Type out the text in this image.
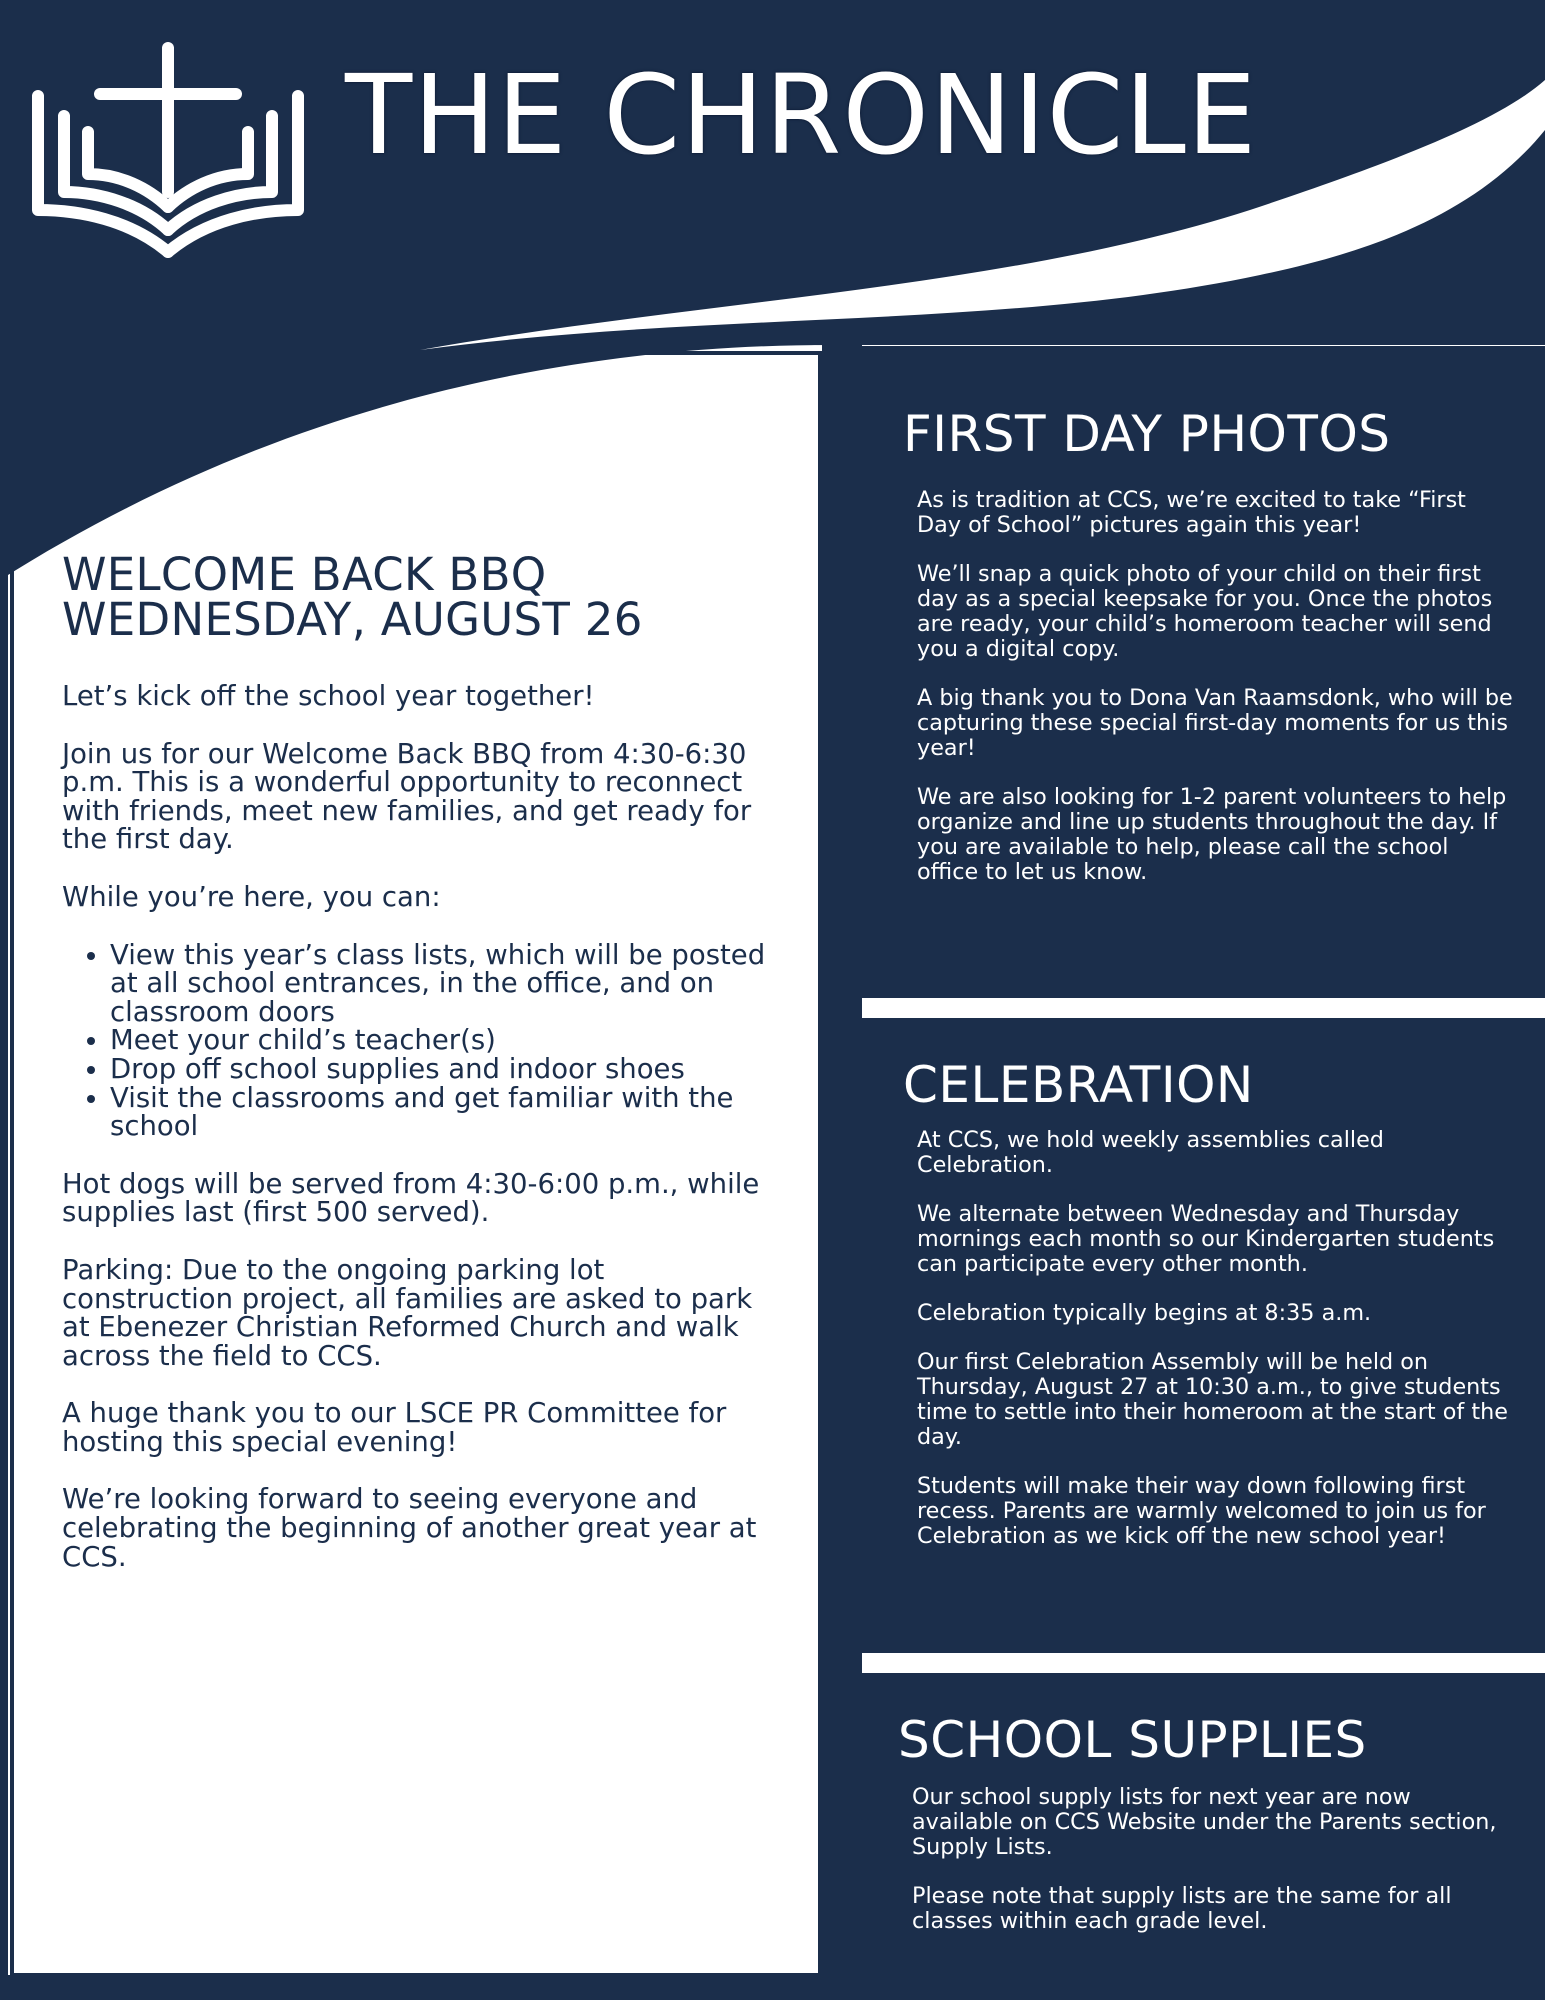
THE CHRONICLE
WELCOME BACK BBQ
WEDNESDAY, AUGUST 26

Let’s kick off the school year together!

Join us for our Welcome Back BBQ from 4:30-6:30 p.m. This is a wonderful opportunity to reconnect with friends, meet new families, and get ready for the first day.

While you’re here, you can:

• View this year’s class lists, which will be posted at all school entrances, in the office, and on classroom doors
• Meet your child’s teacher(s)
• Drop off school supplies and indoor shoes
• Visit the classrooms and get familiar with the school

Hot dogs will be served from 4:30-6:00 p.m., while supplies last (first 500 served).

Parking: Due to the ongoing parking lot construction project, all families are asked to park at Ebenezer Christian Reformed Church and walk across the field to CCS.

A huge thank you to our LSCE PR Committee for hosting this special evening!

We’re looking forward to seeing everyone and celebrating the beginning of another great year at CCS.

FIRST DAY PHOTOS

As is tradition at CCS, we’re excited to take “First Day of School” pictures again this year!

We’ll snap a quick photo of your child on their first day as a special keepsake for you. Once the photos are ready, your child’s homeroom teacher will send you a digital copy.

A big thank you to Dona Van Raamsdonk, who will be capturing these special first-day moments for us this year!

We are also looking for 1-2 parent volunteers to help organize and line up students throughout the day. If you are available to help, please call the school office to let us know.

CELEBRATION

At CCS, we hold weekly assemblies called Celebration.

We alternate between Wednesday and Thursday mornings each month so our Kindergarten students can participate every other month.

Celebration typically begins at 8:35 a.m.

Our first Celebration Assembly will be held on Thursday, August 27 at 10:30 a.m., to give students time to settle into their homeroom at the start of the day.

Students will make their way down following first recess. Parents are warmly welcomed to join us for Celebration as we kick off the new school year!

SCHOOL SUPPLIES

Our school supply lists for next year are now available on CCS Website under the Parents section, Supply Lists.

Please note that supply lists are the same for all classes within each grade level.
